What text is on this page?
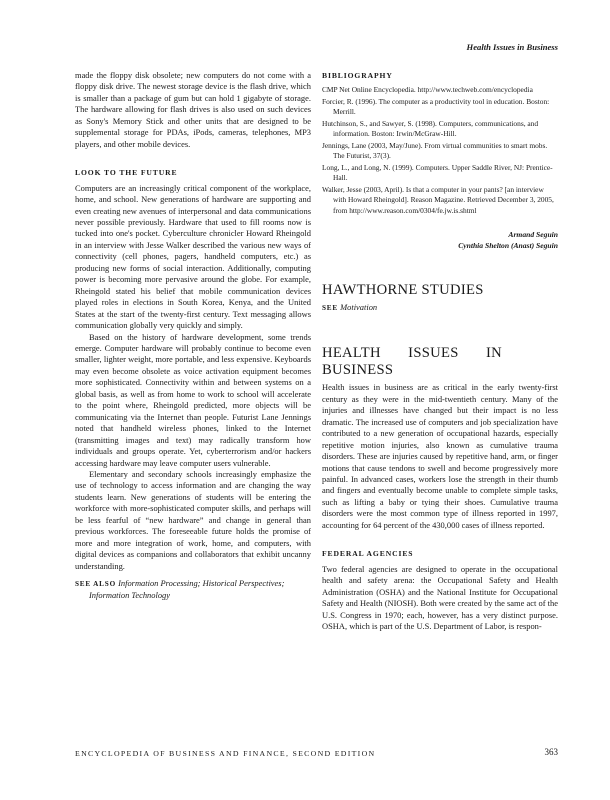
Health Issues in Business

made the floppy disk obsolete; new computers do not come with a floppy disk drive. The newest storage device is the flash drive, which is smaller than a package of gum but can hold 1 gigabyte of storage. The hardware allowing for flash drives is also used on such devices as Sony's Memory Stick and other units that are designed to be supplemental storage for PDAs, iPods, cameras, telephones, MP3 players, and other mobile devices.

LOOK TO THE FUTURE

Computers are an increasingly critical component of the workplace, home, and school. New generations of hardware are supporting and even creating new avenues of interpersonal and data communications never possible previously. Hardware that used to fill rooms now is tucked into one's pocket. Cyberculture chronicler Howard Rheingold in an interview with Jesse Walker described the various new ways of connectivity (cell phones, pagers, handheld computers, etc.) as producing new forms of social interaction. Additionally, computing power is becoming more pervasive around the globe. For example, Rheingold stated his belief that mobile communication devices played roles in elections in South Korea, Kenya, and the United States at the start of the twenty-first century. Text messaging allows communication globally very quickly and simply.

Based on the history of hardware development, some trends emerge. Computer hardware will probably continue to become even smaller, lighter weight, more portable, and less expensive. Keyboards may even become obsolete as voice activation equipment becomes more sophisticated. Connectivity within and between systems on a global basis, as well as from home to work to school will accelerate to the point where, Rheingold predicted, more objects will be communicating via the Internet than people. Futurist Lane Jennings noted that handheld wireless phones, linked to the Internet (transmitting images and text) may radically transform how individuals and groups operate. Yet, cyberterrorism and/or hackers accessing hardware may leave computer users vulnerable.

Elementary and secondary schools increasingly emphasize the use of technology to access information and are changing the way students learn. New generations of students will be entering the workforce with more-sophisticated computer skills, and perhaps will be less fearful of “new hardware” and change in general than previous workforces. The foreseeable future holds the promise of more and more integration of work, home, and computers, with digital devices as companions and collaborators that exhibit uncanny understanding.

SEE ALSO Information Processing; Historical Perspectives; Information Technology

BIBLIOGRAPHY
CMP Net Online Encyclopedia. http://www.techweb.com/encyclopedia
Forcier, R. (1996). The computer as a productivity tool in education. Boston: Merrill.
Hutchinson, S., and Sawyer, S. (1998). Computers, communications, and information. Boston: Irwin/McGraw-Hill.
Jennings, Lane (2003, May/June). From virtual communities to smart mobs. The Futurist, 37(3).
Long, L., and Long, N. (1999). Computers. Upper Saddle River, NJ: Prentice-Hall.
Walker, Jesse (2003, April). Is that a computer in your pants? [an interview with Howard Rheingold]. Reason Magazine. Retrieved December 3, 2005, from http://www.reason.com/0304/fe.jw.is.shtml
Armand Seguin
Cynthia Shelton (Anast) Seguin
HAWTHORNE STUDIES

SEE Motivation

HEALTH ISSUES IN BUSINESS

Health issues in business are as critical in the early twenty-first century as they were in the mid-twentieth century. Many of the injuries and illnesses have changed but their impact is no less dramatic. The increased use of computers and job specialization have contributed to a new generation of occupational hazards, especially repetitive motion injuries, also known as cumulative trauma disorders. These are injuries caused by repetitive hand, arm, or finger motions that cause tendons to swell and become progressively more painful. In advanced cases, workers lose the strength in their thumb and fingers and eventually become unable to complete simple tasks, such as lifting a baby or tying their shoes. Cumulative trauma disorders were the most common type of illness reported in 1997, accounting for 64 percent of the 430,000 cases of illness reported.

FEDERAL AGENCIES

Two federal agencies are designed to operate in the occupational health and safety arena: the Occupational Safety and Health Administration (OSHA) and the National Institute for Occupational Safety and Health (NIOSH). Both were created by the same act of the U.S. Congress in 1970; each, however, has a very distinct purpose. OSHA, which is part of the U.S. Department of Labor, is respon-

ENCYCLOPEDIA OF BUSINESS AND FINANCE, SECOND EDITION	363
